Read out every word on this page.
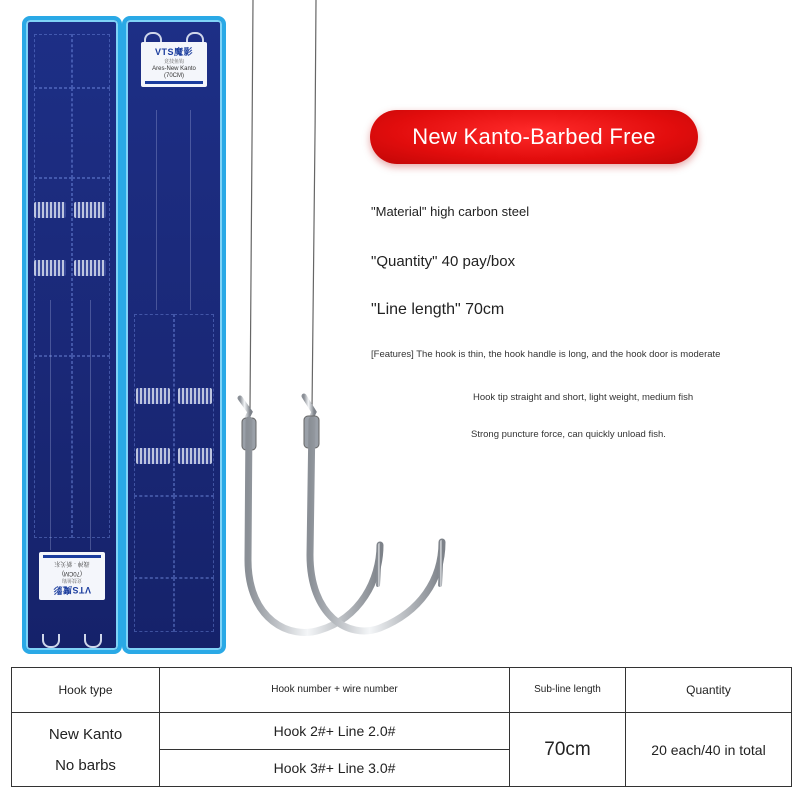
VTS魔影
竞技鱼钩
(70CM)
战神 · 新关东
VTS魔影
竞技鱼钩
Ares-New Kanto
(70CM)
New Kanto-Barbed Free
"Material" high carbon steel
"Quantity" 40 pay/box
"Line length" 70cm
[Features] The hook is thin, the hook handle is long, and the hook door is moderate
Hook tip straight and short, light weight, medium fish
Strong puncture force, can quickly unload fish.
Hook type	Hook number + wire number	Sub-line length	Quantity

New Kanto
No barbs	Hook 2#+ Line 2.0#	70cm	20 each/40 in total
	Hook 3#+ Line 3.0#		
